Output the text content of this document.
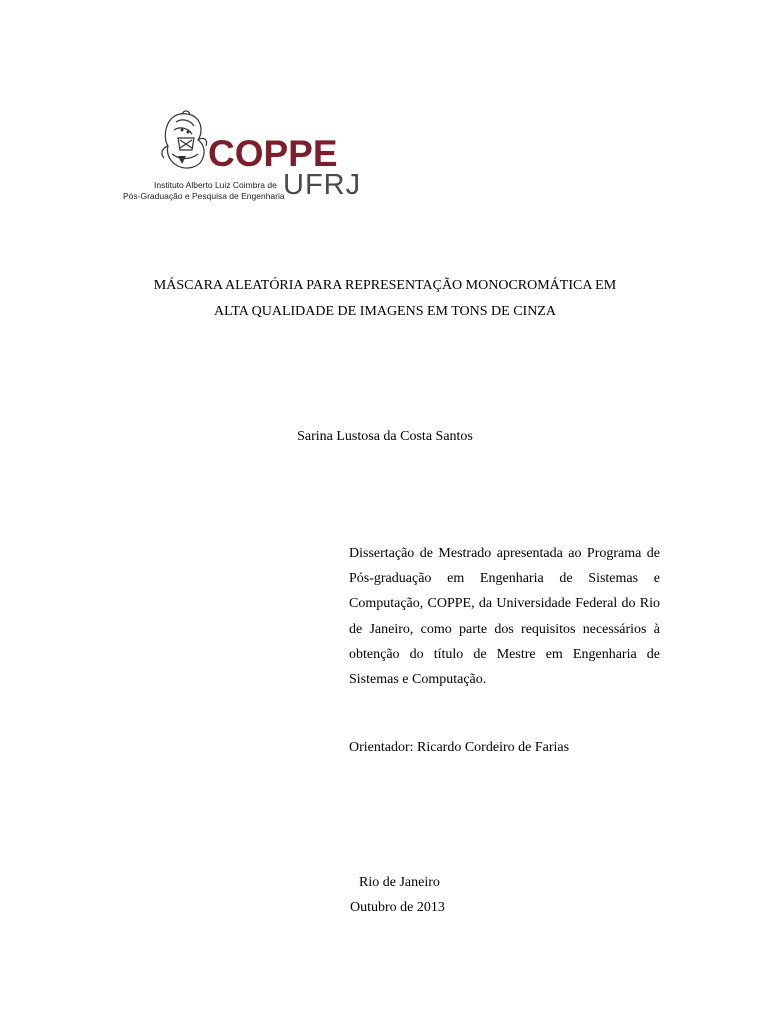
COPPE
Instituto Alberto Luiz Coimbra de
Pós-Graduação e Pesquisa de Engenharia
UFRJ
MÁSCARA ALEATÓRIA PARA REPRESENTAÇÃO MONOCROMÁTICA EM
ALTA QUALIDADE DE IMAGENS EM TONS DE CINZA
Sarina Lustosa da Costa Santos
Dissertação de Mestrado apresentada ao Programa de Pós-graduação em Engenharia de Sistemas e Computação, COPPE, da Universidade Federal do Rio de Janeiro, como parte dos requisitos necessários à obtenção do título de Mestre em Engenharia de Sistemas e Computação.
Orientador: Ricardo Cordeiro de Farias
Rio de Janeiro
Outubro de 2013
